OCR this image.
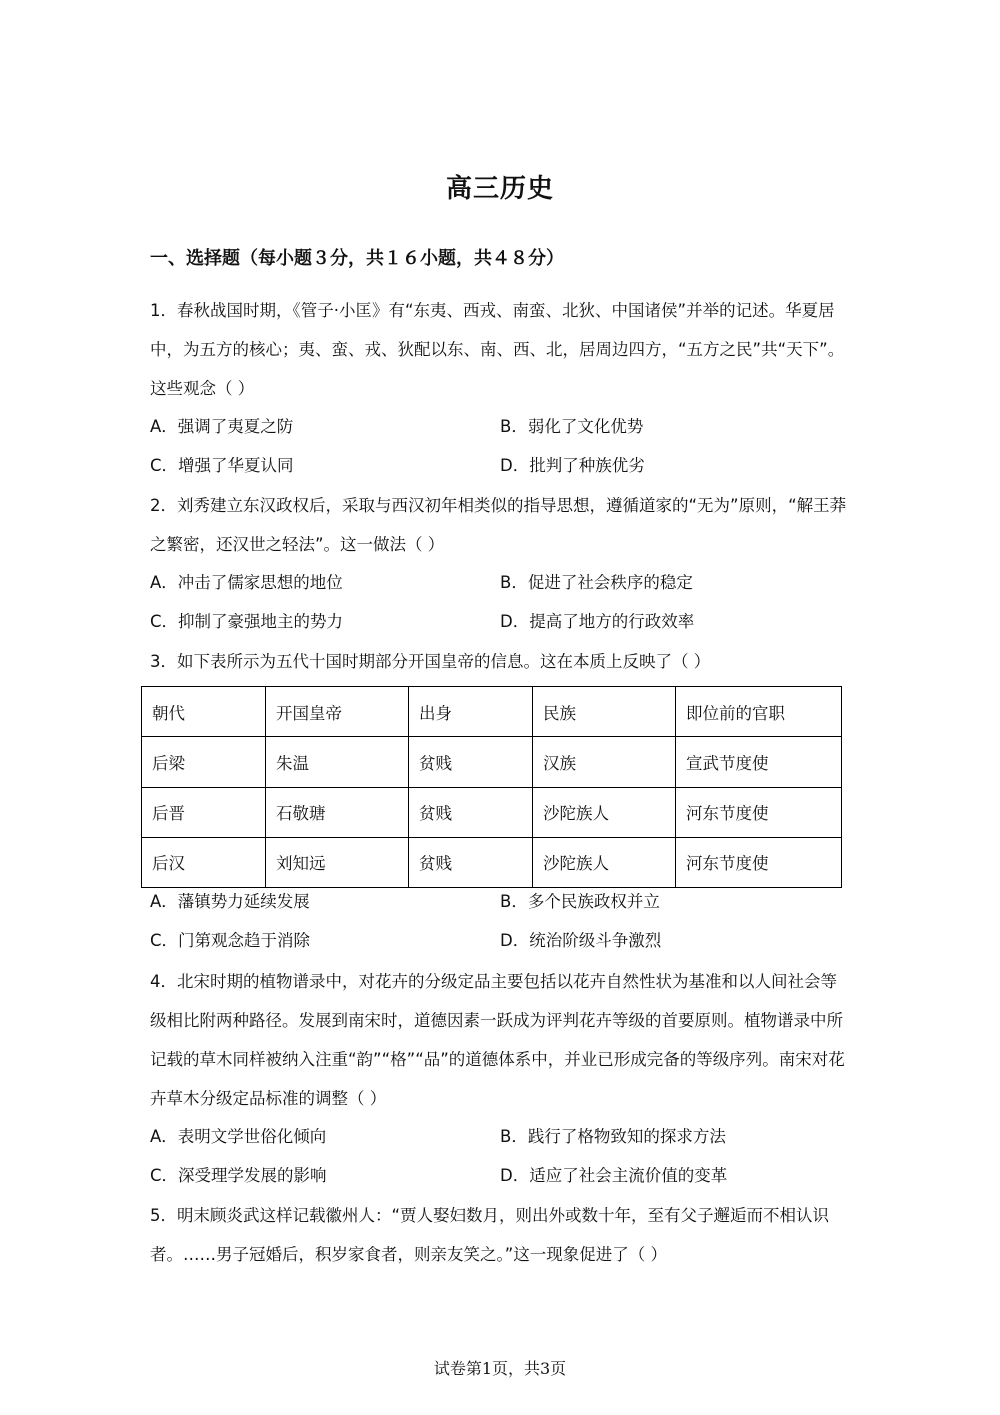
高三历史
一、选择题（每小题３分，共１６小题，共４８分）
1．春秋战国时期，《管子·小匡》有“东夷、西戎、南蛮、北狄、中国诸侯”并举的记述。华夏居中，为五方的核心；夷、蛮、戎、狄配以东、南、西、北，居周边四方，“五方之民”共“天下”。这些观念（ ）
A．强调了夷夏之防	B．弱化了文化优势
C．增强了华夏认同	D．批判了种族优劣
2．刘秀建立东汉政权后，采取与西汉初年相类似的指导思想，遵循道家的“无为”原则，“解王莽之繁密，还汉世之轻法”。这一做法（ ）
A．冲击了儒家思想的地位	B．促进了社会秩序的稳定
C．抑制了豪强地主的势力	D．提高了地方的行政效率
3．如下表所示为五代十国时期部分开国皇帝的信息。这在本质上反映了（ ）
朝代	开国皇帝	出身	民族	即位前的官职
后梁	朱温	贫贱	汉族	宣武节度使
后晋	石敬瑭	贫贱	沙陀族人	河东节度使
后汉	刘知远	贫贱	沙陀族人	河东节度使
A．藩镇势力延续发展	B．多个民族政权并立
C．门第观念趋于消除	D．统治阶级斗争激烈
4．北宋时期的植物谱录中，对花卉的分级定品主要包括以花卉自然性状为基准和以人间社会等级相比附两种路径。发展到南宋时，道德因素一跃成为评判花卉等级的首要原则。植物谱录中所记载的草木同样被纳入注重“韵”“格”“品”的道德体系中，并业已形成完备的等级序列。南宋对花卉草木分级定品标准的调整（ ）
A．表明文学世俗化倾向	B．践行了格物致知的探求方法
C．深受理学发展的影响	D．适应了社会主流价值的变革
5．明末顾炎武这样记载徽州人：“贾人娶妇数月，则出外或数十年，至有父子邂逅而不相认识者。……男子冠婚后，积岁家食者，则亲友笑之。”这一现象促进了（ ）
试卷第1页，共3页
